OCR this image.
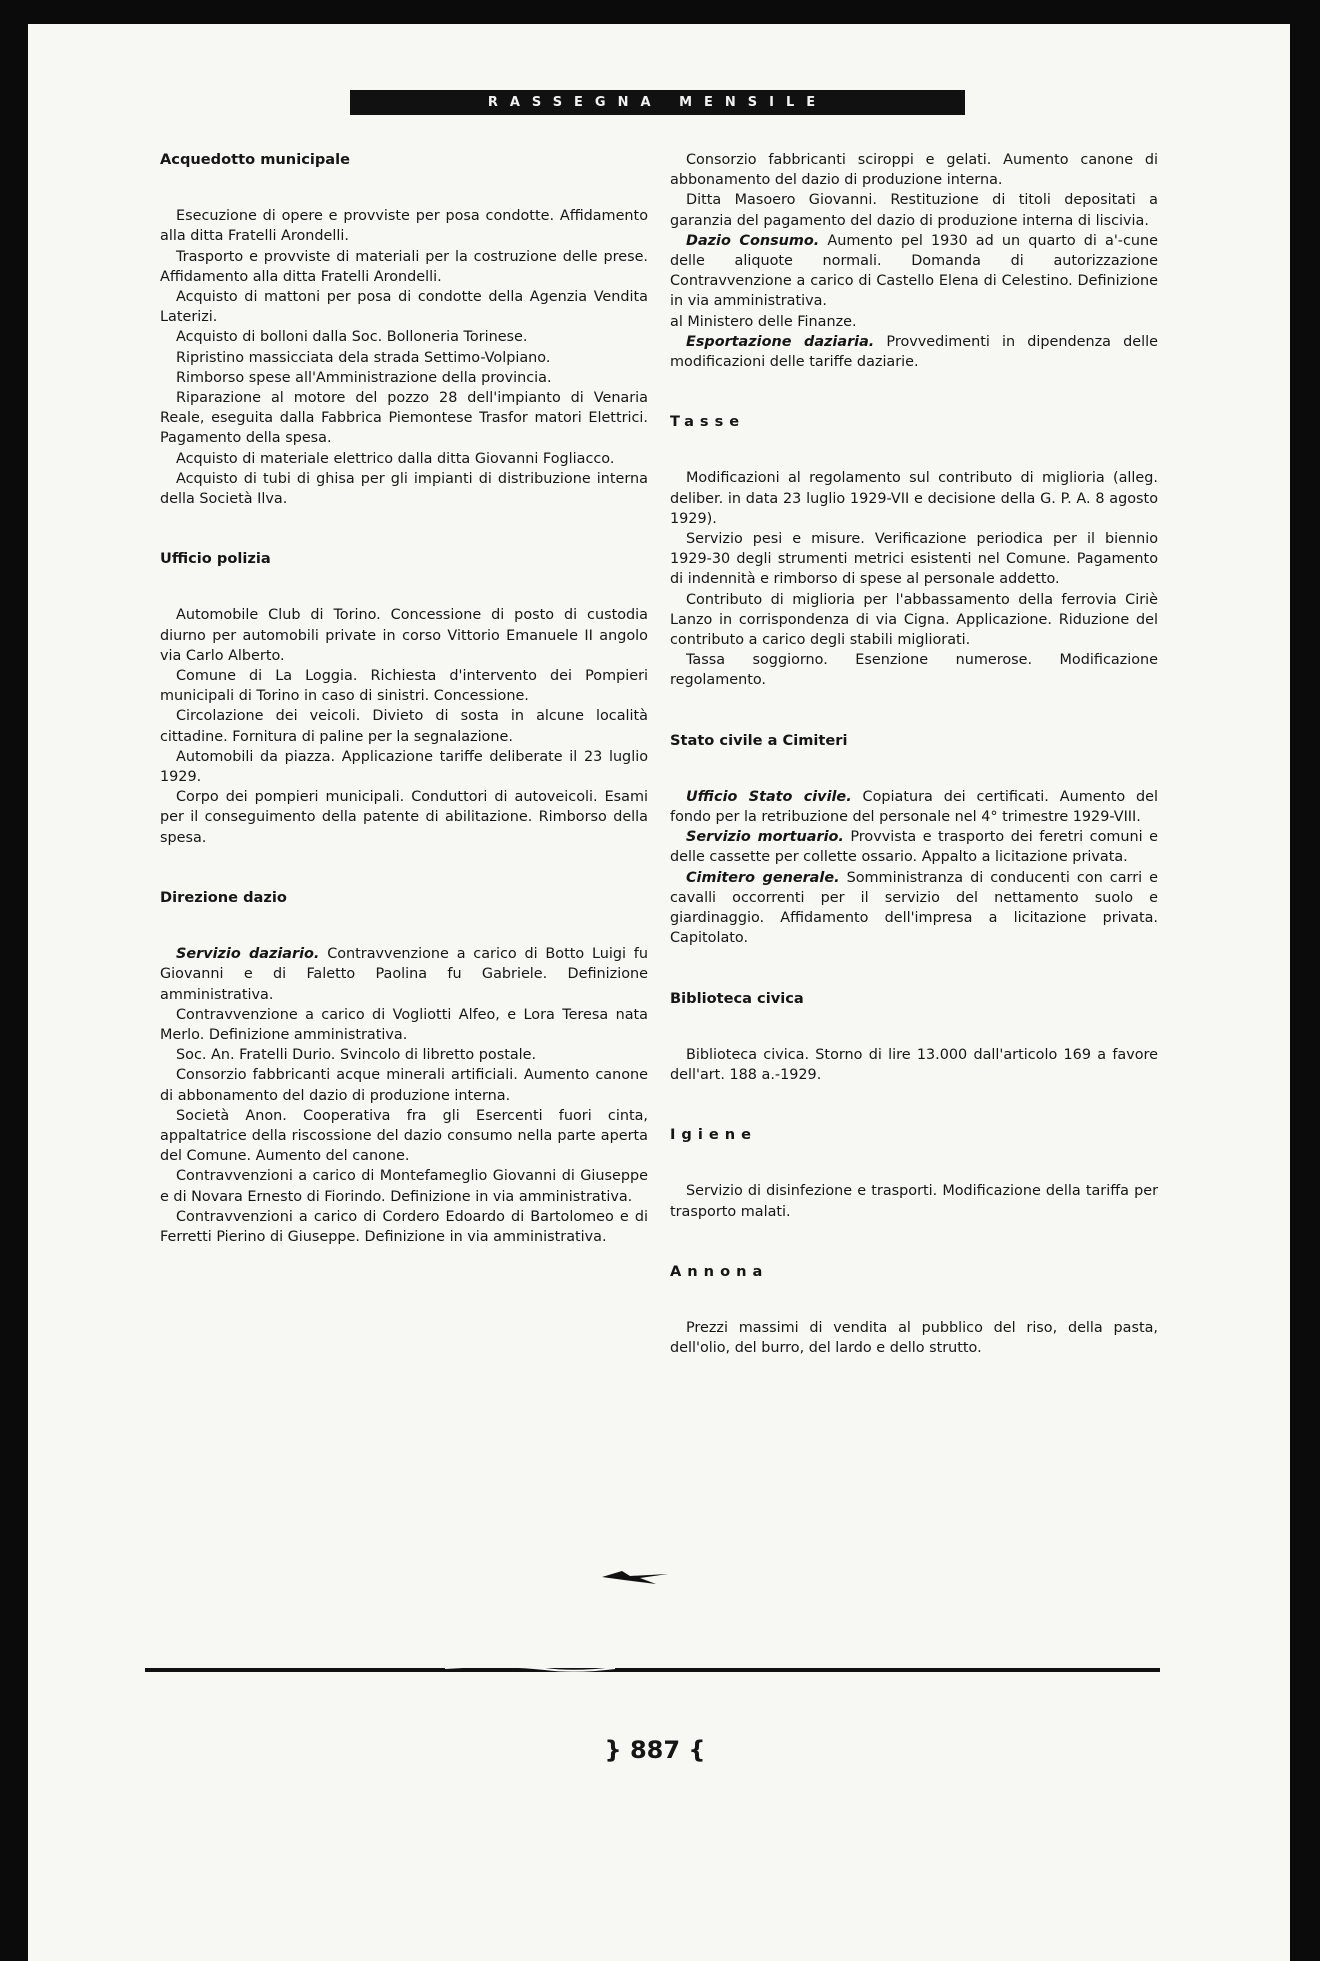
RASSEGNA MENSILE
Acquedotto municipale

Esecuzione di opere e provviste per posa condotte. Affidamento alla ditta Fratelli Arondelli.

Trasporto e provviste di materiali per la costruzione delle prese. Affidamento alla ditta Fratelli Arondelli.

Acquisto di mattoni per posa di condotte della Agenzia Vendita Laterizi.

Acquisto di bolloni dalla Soc. Bolloneria Torinese.

Ripristino massicciata dela strada Settimo-Volpiano.

Rimborso spese all'Amministrazione della provincia.

Riparazione al motore del pozzo 28 dell'impianto di Venaria Reale, eseguita dalla Fabbrica Piemontese Trasfor matori Elettrici. Pagamento della spesa.

Acquisto di materiale elettrico dalla ditta Giovanni Fogliacco.

Acquisto di tubi di ghisa per gli impianti di distribuzione interna della Società Ilva.

Ufficio polizia

Automobile Club di Torino. Concessione di posto di custodia diurno per automobili private in corso Vittorio Emanuele II angolo via Carlo Alberto.

Comune di La Loggia. Richiesta d'intervento dei Pompieri municipali di Torino in caso di sinistri. Concessione.

Circolazione dei veicoli. Divieto di sosta in alcune località cittadine. Fornitura di paline per la segnalazione.

Automobili da piazza. Applicazione tariffe deliberate il 23 luglio 1929.

Corpo dei pompieri municipali. Conduttori di autoveicoli. Esami per il conseguimento della patente di abilitazione. Rimborso della spesa.

Direzione dazio

Servizio daziario. Contravvenzione a carico di Botto Luigi fu Giovanni e di Faletto Paolina fu Gabriele. Definizione amministrativa.

Contravvenzione a carico di Vogliotti Alfeo, e Lora Teresa nata Merlo. Definizione amministrativa.

Soc. An. Fratelli Durio. Svincolo di libretto postale.

Consorzio fabbricanti acque minerali artificiali. Aumento canone di abbonamento del dazio di produzione interna.

Società Anon. Cooperativa fra gli Esercenti fuori cinta, appaltatrice della riscossione del dazio consumo nella parte aperta del Comune. Aumento del canone.

Contravvenzioni a carico di Montefameglio Giovanni di Giuseppe e di Novara Ernesto di Fiorindo. Definizione in via amministrativa.

Contravvenzioni a carico di Cordero Edoardo di Bartolomeo e di Ferretti Pierino di Giuseppe. Definizione in via amministrativa.

Consorzio fabbricanti sciroppi e gelati. Aumento canone di abbonamento del dazio di produzione interna.

Ditta Masoero Giovanni. Restituzione di titoli depositati a garanzia del pagamento del dazio di produzione interna di liscivia.

Dazio Consumo. Aumento pel 1930 ad un quarto di a'-cune delle aliquote normali. Domanda di autorizzazione Contravvenzione a carico di Castello Elena di Celestino. Definizione in via amministrativa.
al Ministero delle Finanze.

Esportazione daziaria. Provvedimenti in dipendenza delle modificazioni delle tariffe daziarie.

Tasse

Modificazioni al regolamento sul contributo di miglioria (alleg. deliber. in data 23 luglio 1929-VII e decisione della G. P. A. 8 agosto 1929).

Servizio pesi e misure. Verificazione periodica per il biennio 1929-30 degli strumenti metrici esistenti nel Comune. Pagamento di indennità e rimborso di spese al personale addetto.

Contributo di miglioria per l'abbassamento della ferrovia Ciriè Lanzo in corrispondenza di via Cigna. Applicazione. Riduzione del contributo a carico degli stabili migliorati.

Tassa soggiorno. Esenzione numerose. Modificazione regolamento.

Stato civile a Cimiteri

Ufficio Stato civile. Copiatura dei certificati. Aumento del fondo per la retribuzione del personale nel 4° trimestre 1929-VIII.

Servizio mortuario. Provvista e trasporto dei feretri comuni e delle cassette per collette ossario. Appalto a licitazione privata.

Cimitero generale. Somministranza di conducenti con carri e cavalli occorrenti per il servizio del nettamento suolo e giardinaggio. Affidamento dell'impresa a licitazione privata. Capitolato.

Biblioteca civica

Biblioteca civica. Storno di lire 13.000 dall'articolo 169 a favore dell'art. 188 a.-1929.

Igiene

Servizio di disinfezione e trasporti. Modificazione della tariffa per trasporto malati.

Annona

Prezzi massimi di vendita al pubblico del riso, della pasta, dell'olio, del burro, del lardo e dello strutto.

} 887 {
